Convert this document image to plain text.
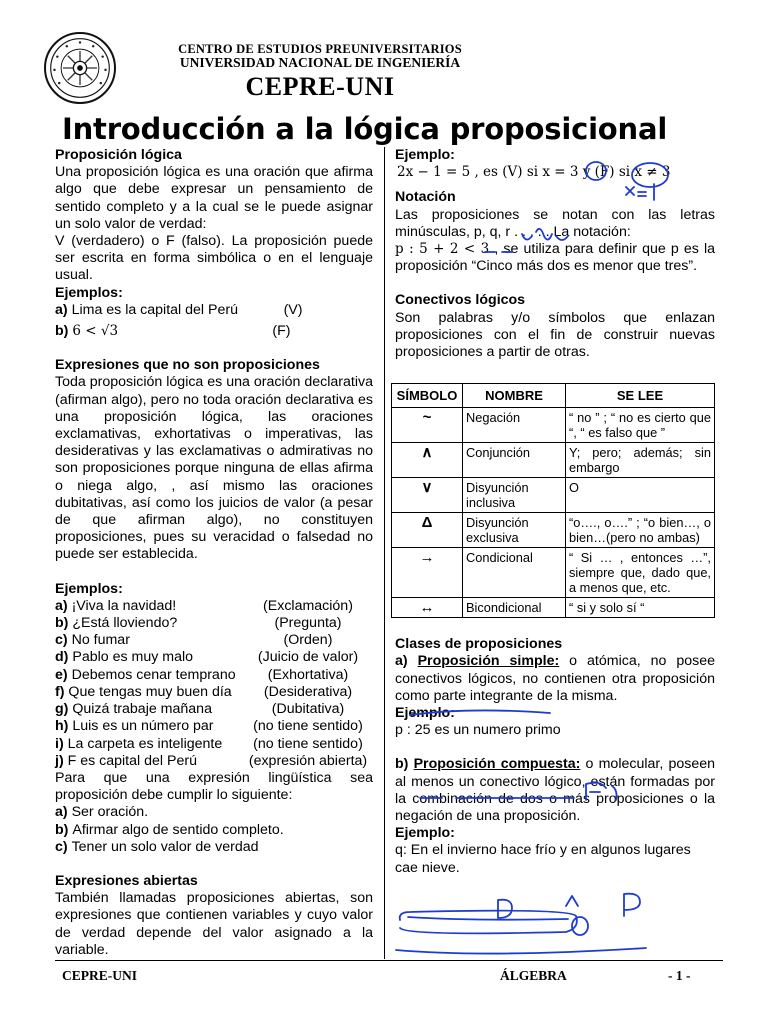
CENTRO DE ESTUDIOS PREUNIVERSITARIOS
UNIVERSIDAD NACIONAL DE INGENIERÍA
CEPRE-UNI
Introducción a la lógica proposicional

Proposición lógica

Una proposición lógica es una oración que afirma algo que debe expresar un pensamiento de sentido completo y a la cual se le puede asignar un solo valor de verdad:

V (verdadero) o F (falso). La proposición puede ser escrita en forma simbólica o en el lenguaje usual.

Ejemplos:

a)
Lima es la capital del Perú	(V)
b)
6 < √3	(F)

Expresiones que no son proposiciones

Toda proposición lógica es una oración declarativa (afirman algo), pero no toda oración declarativa es una proposición lógica, las oraciones exclamativas, exhortativas o imperativas, las desiderativas y las exclamativas o admirativas no son proposiciones porque ninguna de ellas afirma o niega algo, , así mismo las oraciones dubitativas, así como los juicios de valor (a pesar de que afirman algo), no constituyen proposiciones, pues su veracidad o falsedad no puede ser establecida.

Ejemplos:

a)
¡Viva la navidad!	(Exclamación)
b)
¿Está lloviendo?	(Pregunta)
c)
No fumar	(Orden)
d)
Pablo es muy malo	(Juicio de valor)
e)
Debemos cenar temprano	(Exhortativa)
f)
Que tengas muy buen día	(Desiderativa)
g)
Quizá trabaje mañana	(Dubitativa)
h)
Luis es un número par	(no tiene sentido)
i)
La carpeta es inteligente	(no tiene sentido)
j)
F es capital del Perú	(expresión abierta)

Para que una expresión lingüística sea proposición debe cumplir lo siguiente:

a)
Ser oración.
b)
Afirmar algo de sentido completo.
c)
Tener un solo valor de verdad

Expresiones abiertas

También llamadas proposiciones abiertas, son expresiones que contienen variables y cuyo valor de verdad depende del valor asignado a la variable.

Ejemplo:

2x − 1 = 5 , es (V) si x = 3 y (F) si x ≠ 3

Notación

Las proposiciones se notan con las letras minúsculas, p, q, r . . . . . La notación:

p : 5 + 2 < 3 , se utiliza para definir que p es la proposición “Cinco más dos es menor que tres”.

Conectivos lógicos

Son palabras y/o símbolos que enlazan proposiciones con el fin de construir nuevas proposiciones a partir de otras.

SÍMBOLO	NOMBRE	SE LEE
~	Negación	“ no ” ; “ no es cierto que “, “ es falso que ”
∧	Conjunción	Y; pero; además; sin embargo
∨	Disyunción inclusiva	O
Δ	Disyunción exclusiva	“o…., o….” ; “o bien…, o bien…(pero no ambas)
→	Condicional	“ Si … , entonces …”, siempre que, dado que, a menos que, etc.
↔	Bicondicional	“ si y solo sí “

Clases de proposiciones

a) Proposición simple: o atómica, no posee conectivos lógicos, no contienen otra proposición como parte integrante de la misma.

Ejemplo:

p : 25 es un numero primo

b) Proposición compuesta: o molecular, poseen al menos un conectivo lógico, están formadas por la combinación de dos o más proposiciones o la negación de una proposición.

Ejemplo:

q: En el invierno hace frío y en algunos lugares cae nieve.

CEPRE-UNI	ÁLGEBRA	- 1 -
